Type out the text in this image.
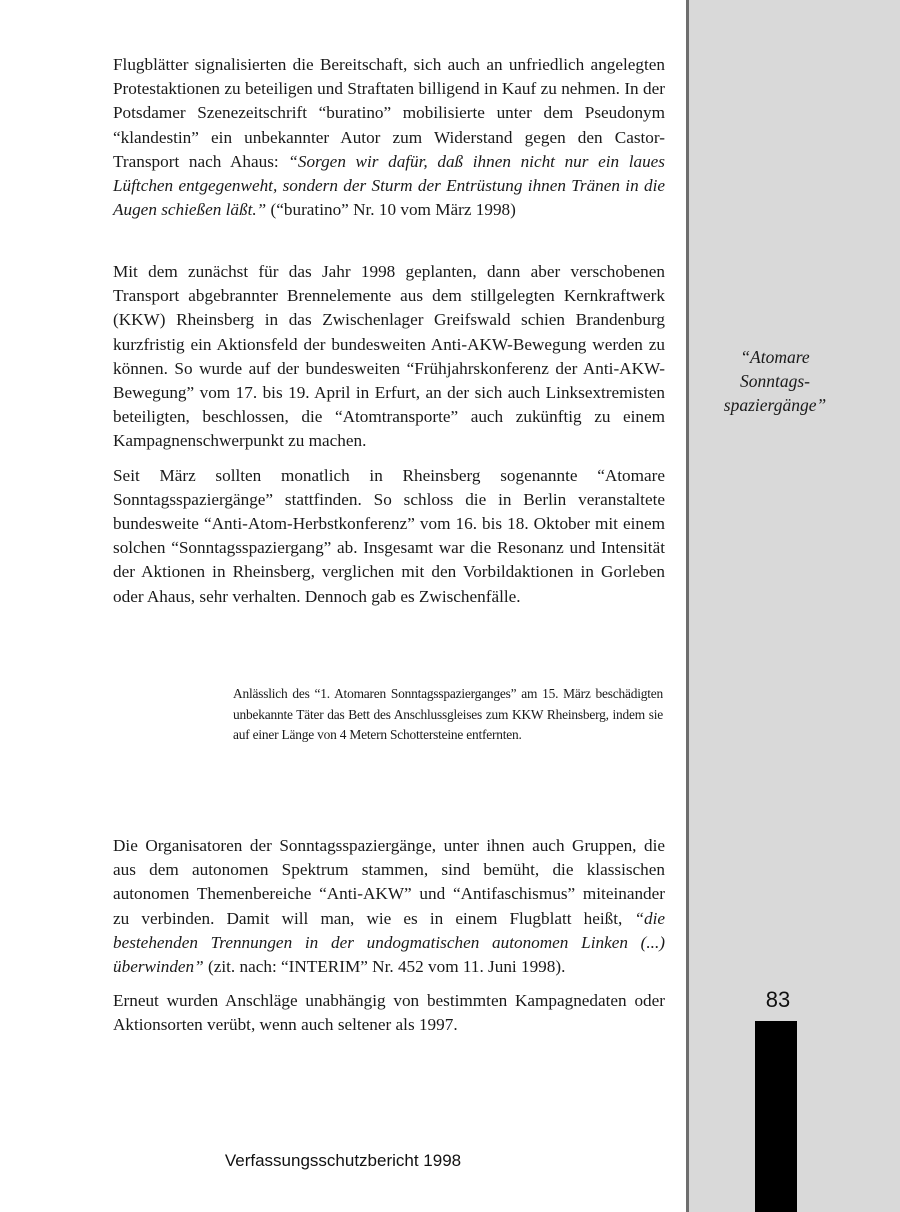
Flugblätter signalisierten die Bereitschaft, sich auch an unfriedlich angelegten Protestaktionen zu beteiligen und Straftaten billigend in Kauf zu nehmen. In der Potsdamer Szenezeitschrift “buratino” mobilisierte unter dem Pseudonym “klandestin” ein unbekannter Autor zum Widerstand gegen den Castor-Transport nach Ahaus: “Sorgen wir dafür, daß ihnen nicht nur ein laues Lüftchen entgegenweht, sondern der Sturm der Entrüstung ihnen Tränen in die Augen schießen läßt.” (“buratino” Nr. 10 vom März 1998)

Mit dem zunächst für das Jahr 1998 geplanten, dann aber verschobenen Transport abgebrannter Brennelemente aus dem stillgelegten Kernkraftwerk (KKW) Rheinsberg in das Zwischenlager Greifswald schien Brandenburg kurzfristig ein Aktionsfeld der bundesweiten Anti-AKW-Bewegung werden zu können. So wurde auf der bundesweiten “Frühjahrskonferenz der Anti-AKW-Bewegung” vom 17. bis 19. April in Erfurt, an der sich auch Linksextremisten beteiligten, beschlossen, die “Atomtransporte” auch zukünftig zu einem Kampagnenschwerpunkt zu machen.

Seit März sollten monatlich in Rheinsberg sogenannte “Atomare Sonntagsspaziergänge” stattfinden. So schloss die in Berlin veranstaltete bundesweite “Anti-Atom-Herbstkonferenz” vom 16. bis 18. Oktober mit einem solchen “Sonntagsspaziergang” ab. Insgesamt war die Resonanz und Intensität der Aktionen in Rheinsberg, verglichen mit den Vorbildaktionen in Gorleben oder Ahaus, sehr verhalten. Dennoch gab es Zwischenfälle.

Anlässlich des “1. Atomaren Sonntagsspazierganges” am 15. März beschädigten unbekannte Täter das Bett des Anschlussgleises zum KKW Rheinsberg, indem sie auf einer Länge von 4 Metern Schottersteine entfernten.

Die Organisatoren der Sonntagsspaziergänge, unter ihnen auch Gruppen, die aus dem autonomen Spektrum stammen, sind bemüht, die klassischen autonomen Themenbereiche “Anti-AKW” und “Antifaschismus” miteinander zu verbinden. Damit will man, wie es in einem Flugblatt heißt, “die bestehenden Trennungen in der undogmatischen autonomen Linken (...) überwinden” (zit. nach: “INTERIM” Nr. 452 vom 11. Juni 1998).

Erneut wurden Anschläge unabhängig von bestimmten Kampagnedaten oder Aktionsorten verübt, wenn auch seltener als 1997.

“Atomare
Sonntags-
spaziergänge”
83
Verfassungsschutzbericht 1998
